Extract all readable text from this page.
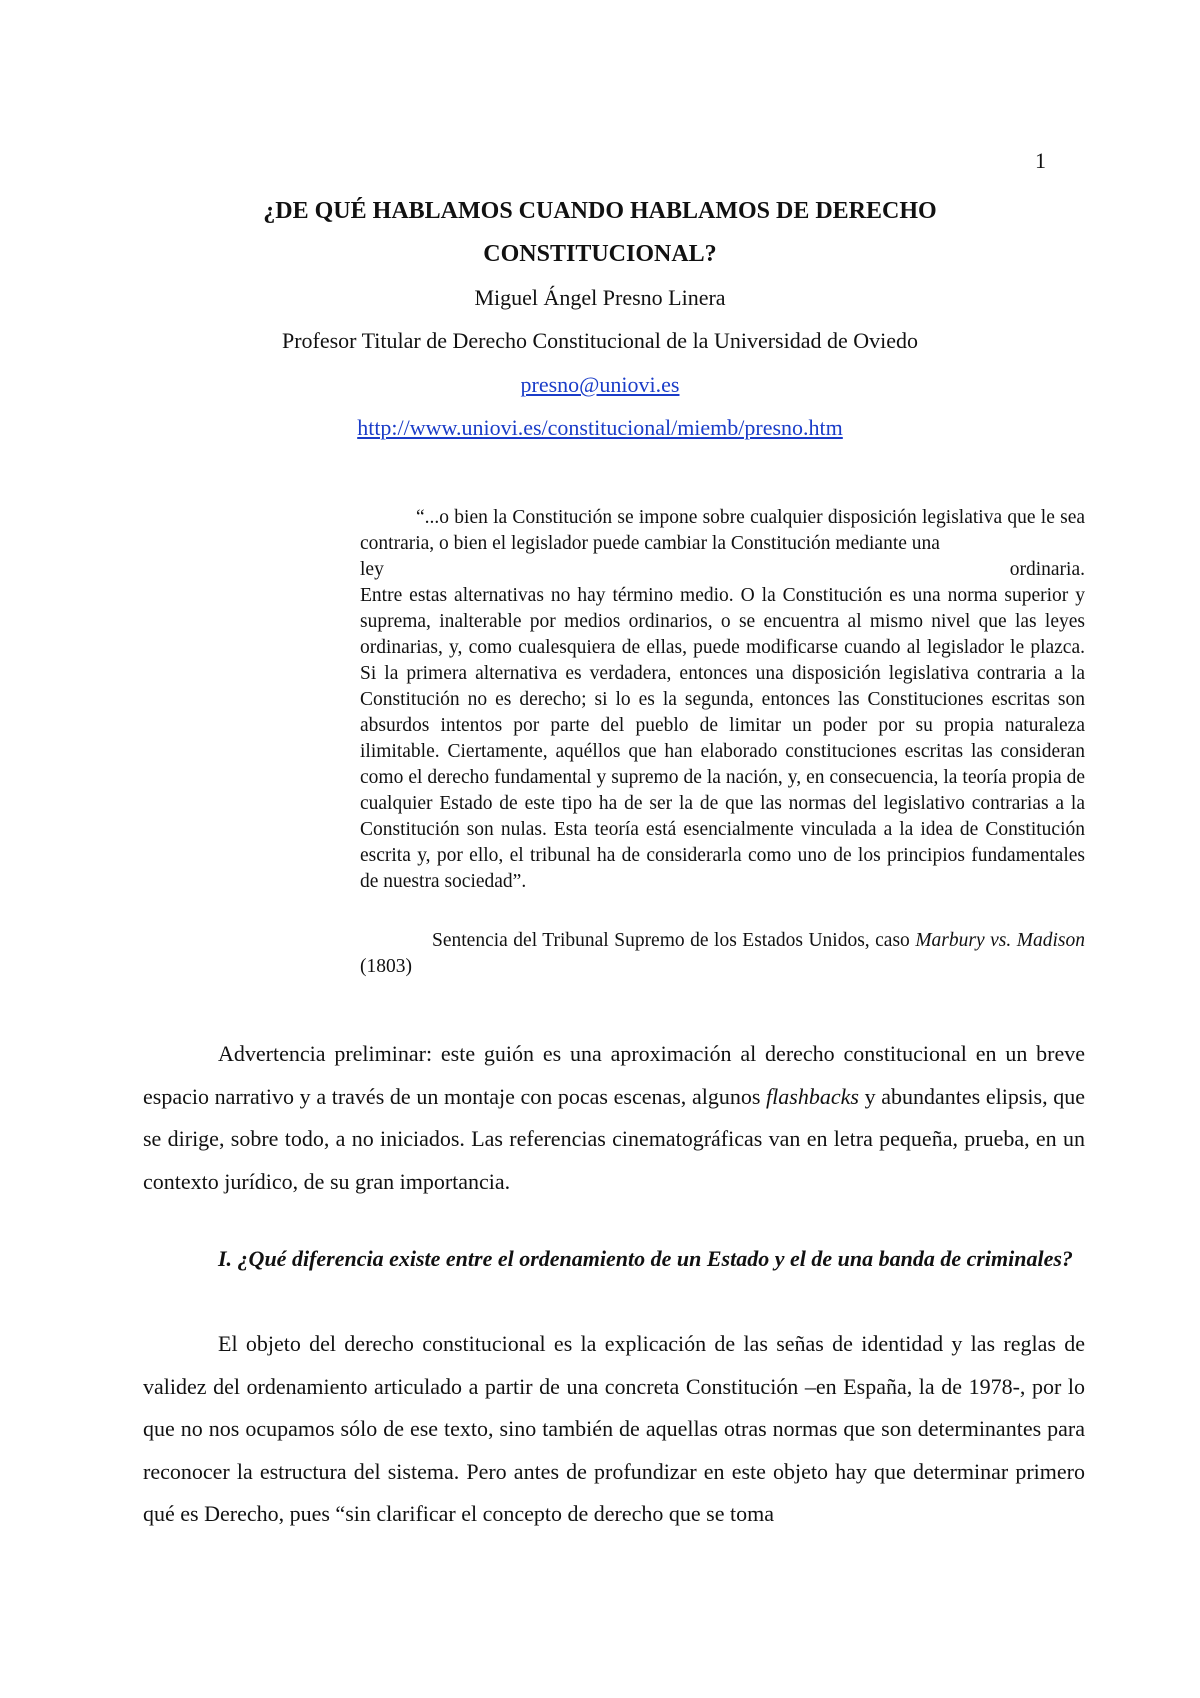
1
¿DE QUÉ HABLAMOS CUANDO HABLAMOS DE DERECHO CONSTITUCIONAL?
Miguel Ángel Presno Linera
Profesor Titular de Derecho Constitucional de la Universidad de Oviedo
presno@uniovi.es
http://www.uniovi.es/constitucional/miemb/presno.htm

“...o bien la Constitución se impone sobre cualquier disposición legislativa que le sea contraria, o bien el legislador puede cambiar la Constitución mediante una

ley	ordinaria.

Entre estas alternativas no hay término medio. O la Constitución es una norma superior y suprema, inalterable por medios ordinarios, o se encuentra al mismo nivel que las leyes ordinarias, y, como cualesquiera de ellas, puede modificarse cuando al legislador le plazca. Si la primera alternativa es verdadera, entonces una disposición legislativa contraria a la Constitución no es derecho; si lo es la segunda, entonces las Constituciones escritas son absurdos intentos por parte del pueblo de limitar un poder por su propia naturaleza ilimitable. Ciertamente, aquéllos que han elaborado constituciones escritas las consideran como el derecho fundamental y supremo de la nación, y, en consecuencia, la teoría propia de cualquier Estado de este tipo ha de ser la de que las normas del legislativo contrarias a la Constitución son nulas. Esta teoría está esencialmente vinculada a la idea de Constitución escrita y, por ello, el tribunal ha de considerarla como uno de los principios fundamentales de nuestra sociedad”.

Sentencia del Tribunal Supremo de los Estados Unidos, caso Marbury vs. Madison (1803)

Advertencia preliminar: este guión es una aproximación al derecho constitucional en un breve espacio narrativo y a través de un montaje con pocas escenas, algunos flashbacks y abundantes elipsis, que se dirige, sobre todo, a no iniciados. Las referencias cinematográficas van en letra pequeña, prueba, en un contexto jurídico, de su gran importancia.

I. ¿Qué diferencia existe entre el ordenamiento de un Estado y el de una banda de criminales?

El objeto del derecho constitucional es la explicación de las señas de identidad y las reglas de validez del ordenamiento articulado a partir de una concreta Constitución –en España, la de 1978-, por lo que no nos ocupamos sólo de ese texto, sino también de aquellas otras normas que son determinantes para reconocer la estructura del sistema. Pero antes de profundizar en este objeto hay que determinar primero qué es Derecho, pues “sin clarificar el concepto de derecho que se toma
